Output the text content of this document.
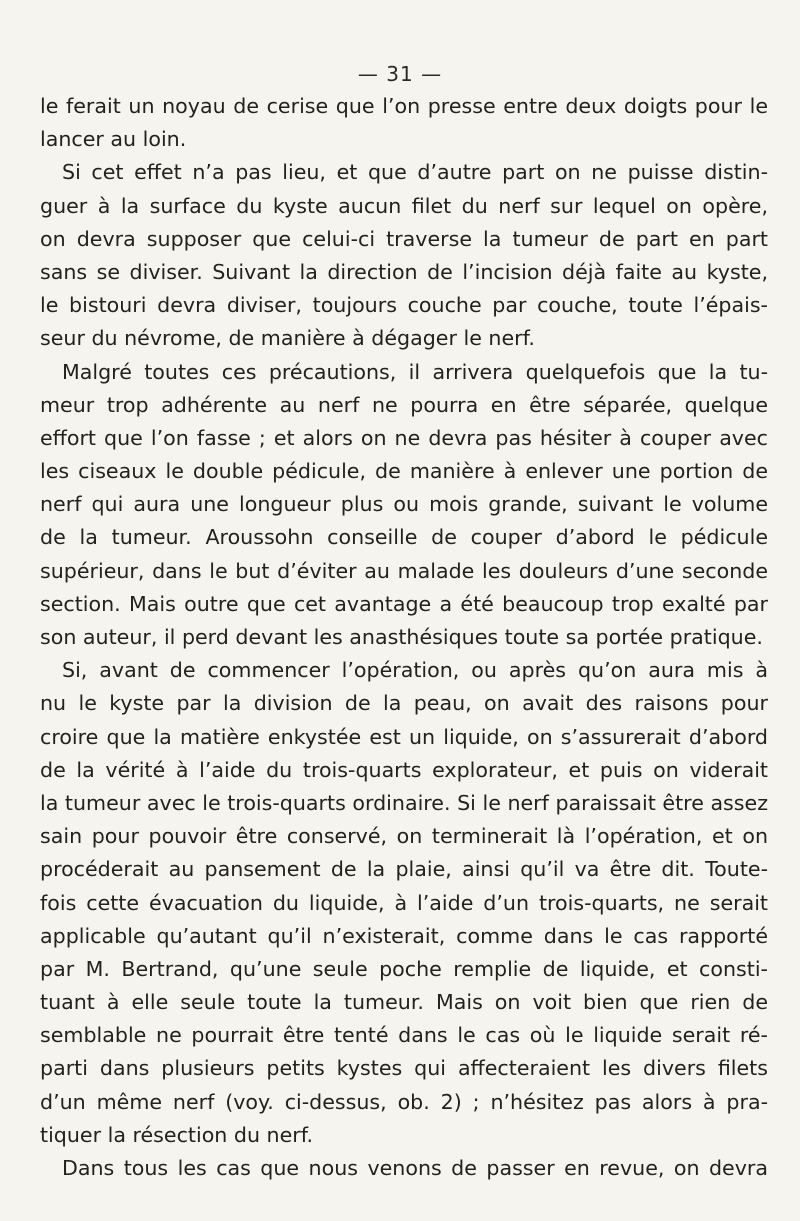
— 31 —
le ferait un noyau de cerise que l’on presse entre deux doigts pour le
lancer au loin.
Si cet effet n’a pas lieu, et que d’autre part on ne puisse distin-
guer à la surface du kyste aucun filet du nerf sur lequel on opère,
on devra supposer que celui-ci traverse la tumeur de part en part
sans se diviser. Suivant la direction de l’incision déjà faite au kyste,
le bistouri devra diviser, toujours couche par couche, toute l’épais-
seur du névrome, de manière à dégager le nerf.
Malgré toutes ces précautions, il arrivera quelquefois que la tu-
meur trop adhérente au nerf ne pourra en être séparée, quelque
effort que l’on fasse ; et alors on ne devra pas hésiter à couper avec
les ciseaux le double pédicule, de manière à enlever une portion de
nerf qui aura une longueur plus ou mois grande, suivant le volume
de la tumeur. Aroussohn conseille de couper d’abord le pédicule
supérieur, dans le but d’éviter au malade les douleurs d’une seconde
section. Mais outre que cet avantage a été beaucoup trop exalté par
son auteur, il perd devant les anasthésiques toute sa portée pratique.
Si, avant de commencer l’opération, ou après qu’on aura mis à
nu le kyste par la division de la peau, on avait des raisons pour
croire que la matière enkystée est un liquide, on s’assurerait d’abord
de la vérité à l’aide du trois-quarts explorateur, et puis on viderait
la tumeur avec le trois-quarts ordinaire. Si le nerf paraissait être assez
sain pour pouvoir être conservé, on terminerait là l’opération, et on
procéderait au pansement de la plaie, ainsi qu’il va être dit. Toute-
fois cette évacuation du liquide, à l’aide d’un trois-quarts, ne serait
applicable qu’autant qu’il n’existerait, comme dans le cas rapporté
par M. Bertrand, qu’une seule poche remplie de liquide, et consti-
tuant à elle seule toute la tumeur. Mais on voit bien que rien de
semblable ne pourrait être tenté dans le cas où le liquide serait ré-
parti dans plusieurs petits kystes qui affecteraient les divers filets
d’un même nerf (voy. ci-dessus, ob. 2) ; n’hésitez pas alors à pra-
tiquer la résection du nerf.
Dans tous les cas que nous venons de passer en revue, on devra
